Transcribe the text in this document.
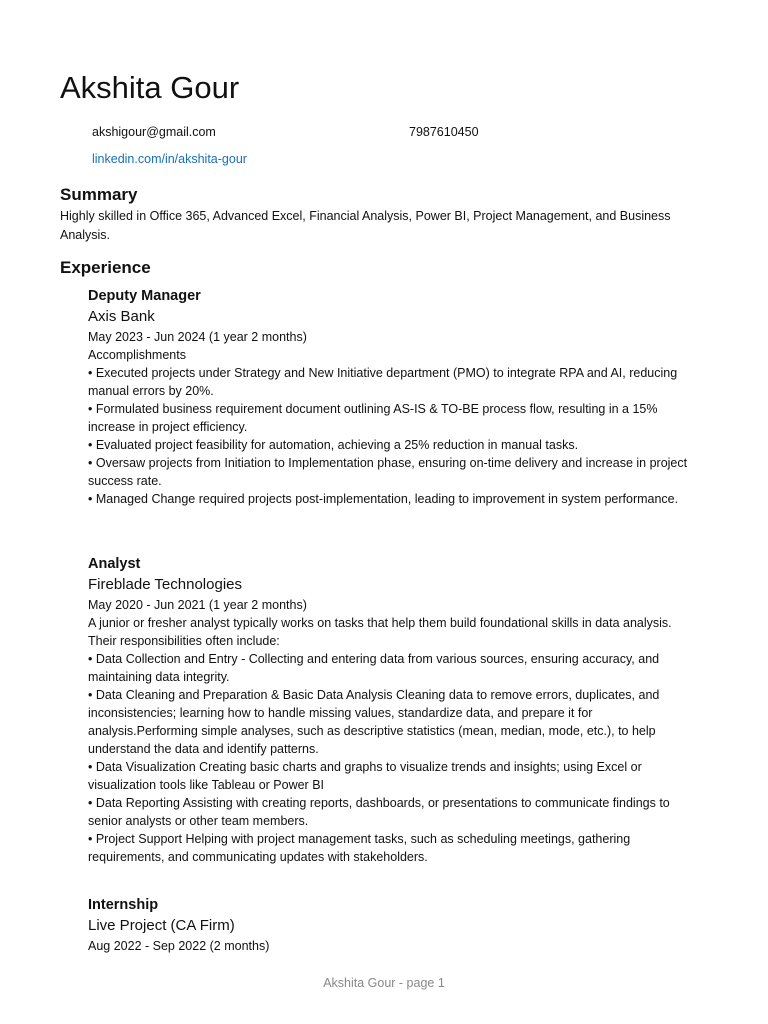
Akshita Gour
akshigour@gmail.com	7987610450
linkedin.com/in/akshita-gour
Summary

Highly skilled in Office 365, Advanced Excel, Financial Analysis, Power BI, Project Management, and Business Analysis.

Experience

Deputy Manager

Axis Bank

May 2023 - Jun 2024 (1 year 2 months)

Accomplishments

• Executed projects under Strategy and New Initiative department (PMO) to integrate RPA and AI, reducing manual errors by 20%.

• Formulated business requirement document outlining AS-IS & TO-BE process flow, resulting in a 15% increase in project efficiency.

• Evaluated project feasibility for automation, achieving a 25% reduction in manual tasks.

• Oversaw projects from Initiation to Implementation phase, ensuring on-time delivery and increase in project success rate.

• Managed Change required projects post-implementation, leading to improvement in system performance.

Analyst

Fireblade Technologies

May 2020 - Jun 2021 (1 year 2 months)

A junior or fresher analyst typically works on tasks that help them build foundational skills in data analysis. Their responsibilities often include:

• Data Collection and Entry - Collecting and entering data from various sources, ensuring accuracy, and maintaining data integrity.

• Data Cleaning and Preparation & Basic Data Analysis Cleaning data to remove errors, duplicates, and inconsistencies; learning how to handle missing values, standardize data, and prepare it for analysis.Performing simple analyses, such as descriptive statistics (mean, median, mode, etc.), to help understand the data and identify patterns.

• Data Visualization Creating basic charts and graphs to visualize trends and insights; using Excel or visualization tools like Tableau or Power BI

• Data Reporting Assisting with creating reports, dashboards, or presentations to communicate findings to senior analysts or other team members.

• Project Support Helping with project management tasks, such as scheduling meetings, gathering requirements, and communicating updates with stakeholders.

Internship

Live Project (CA Firm)

Aug 2022 - Sep 2022 (2 months)

Akshita Gour - page 1
